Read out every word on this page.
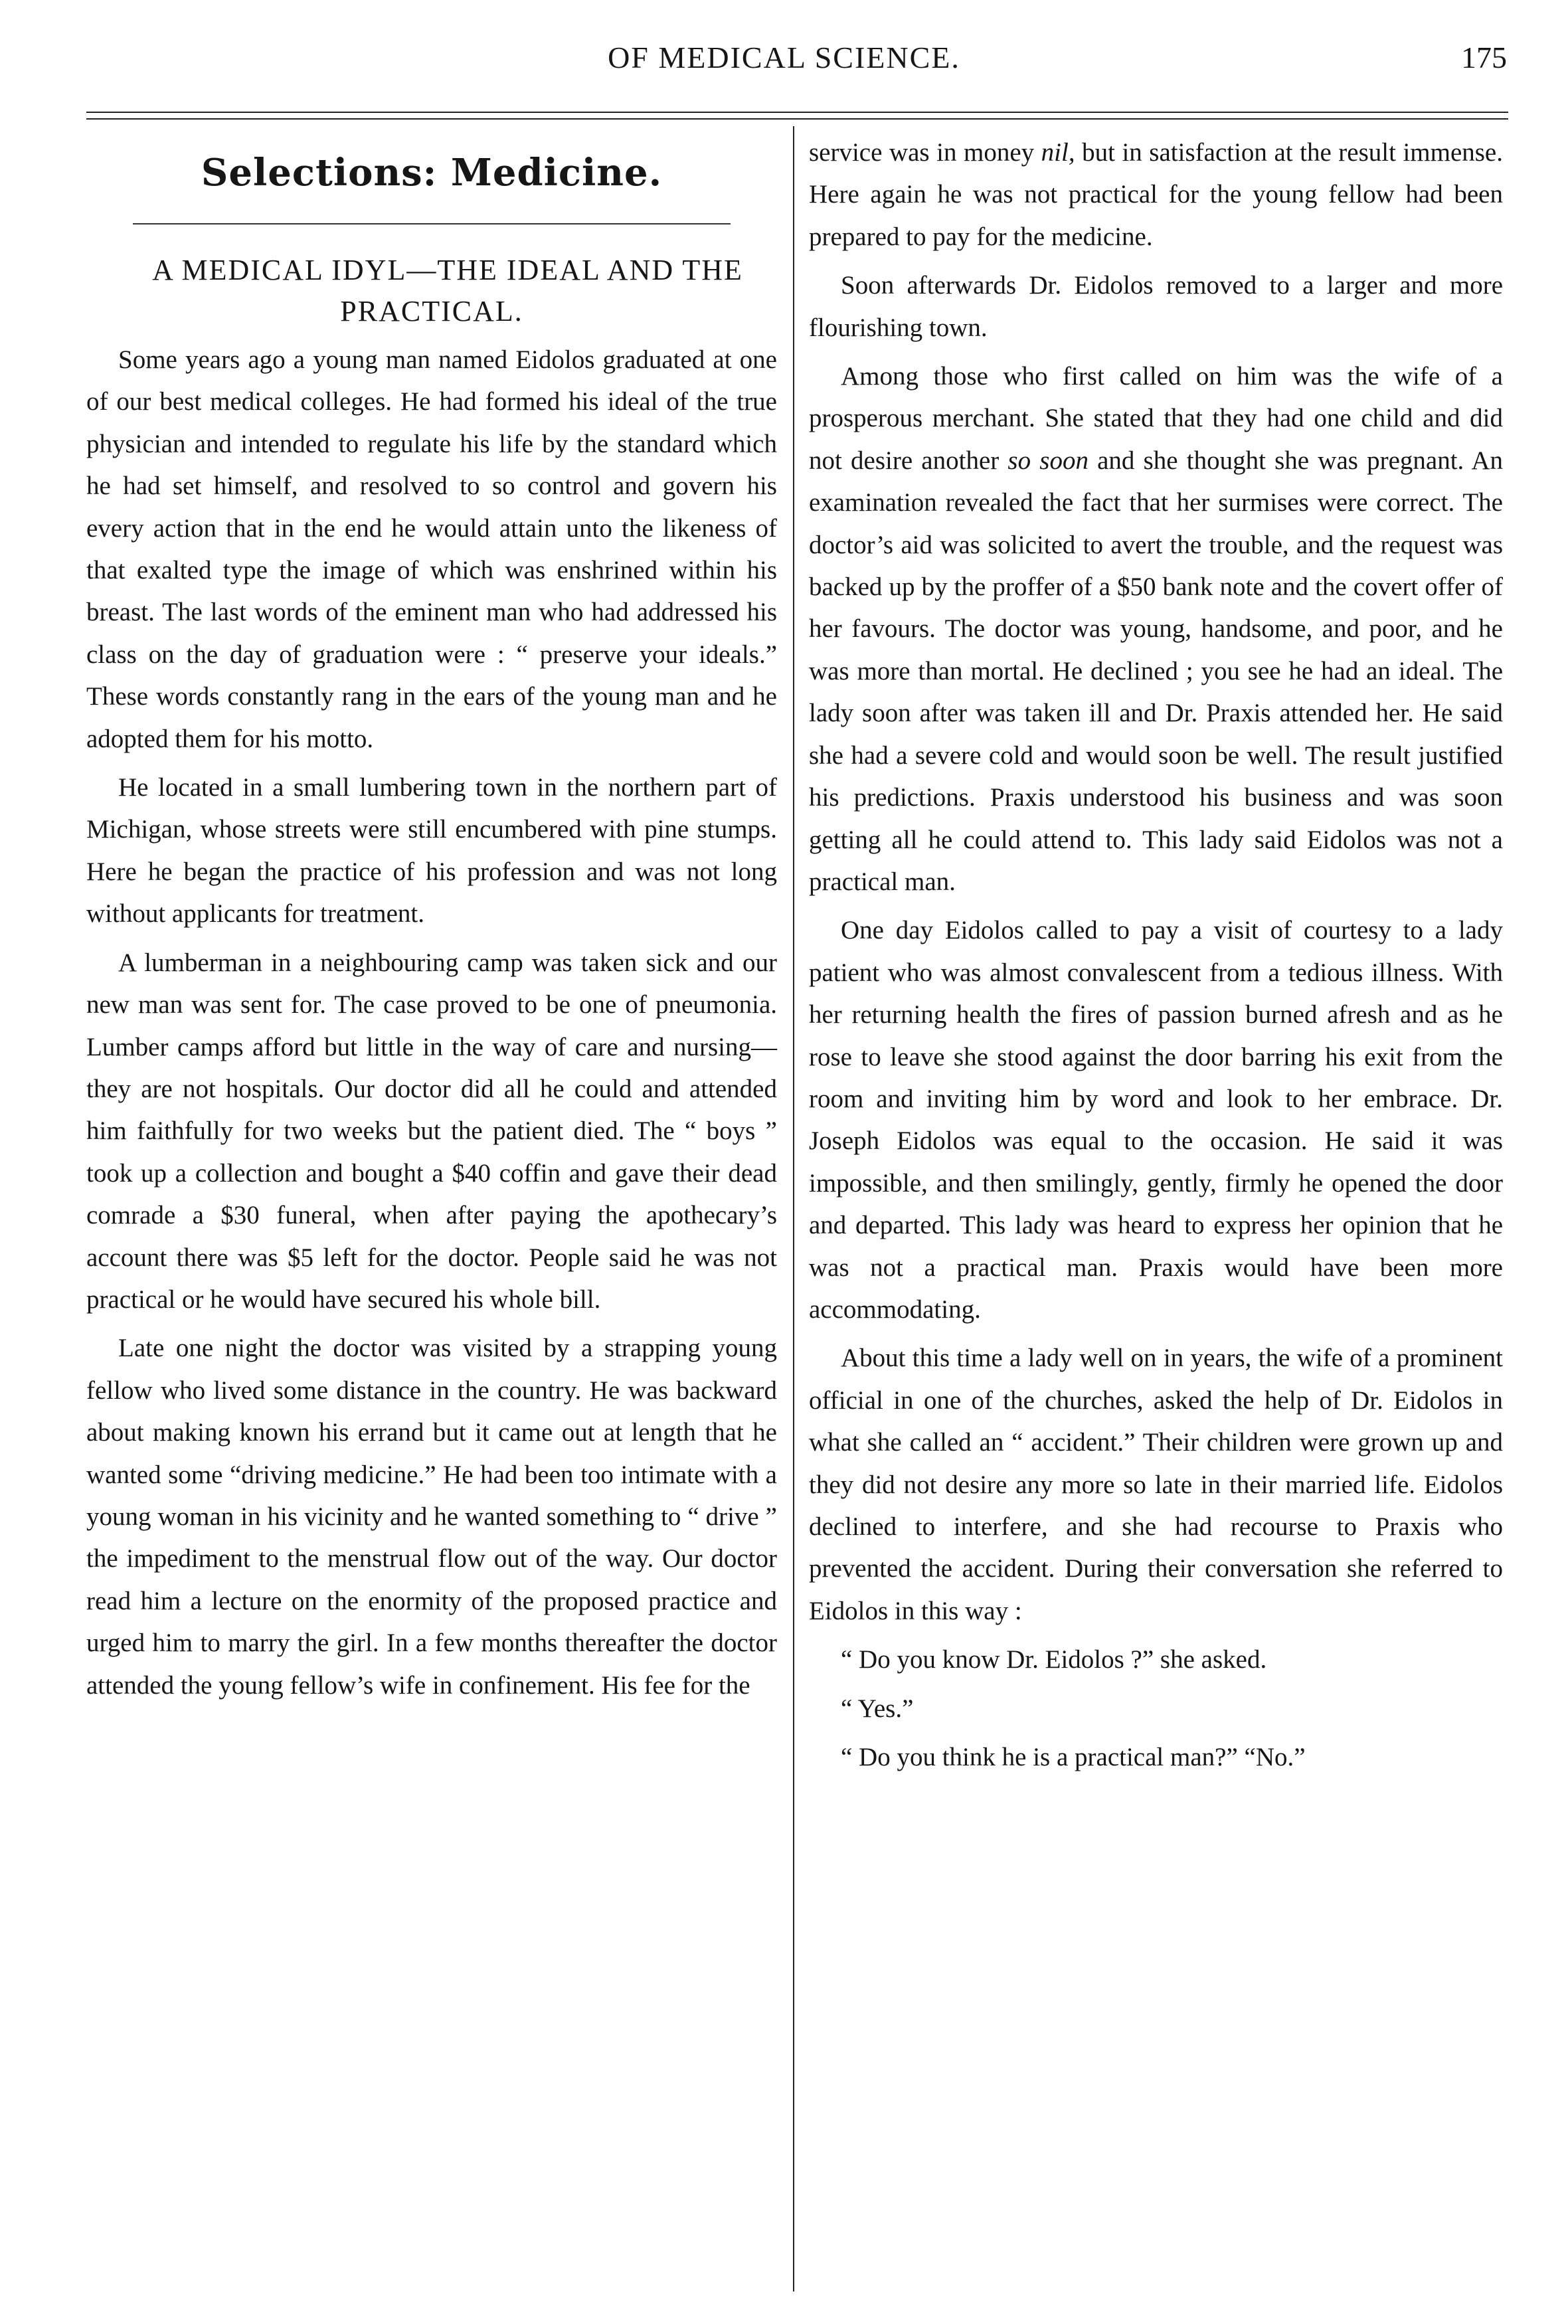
OF MEDICAL SCIENCE.	175
Selections: Medicine.

A MEDICAL IDYL—THE IDEAL AND THE PRACTICAL.

Some years ago a young man named Eidolos graduated at one of our best medical colleges. He had formed his ideal of the true physician and intended to regulate his life by the standard which he had set himself, and resolved to so control and govern his every action that in the end he would attain unto the likeness of that exalted type the image of which was enshrined within his breast. The last words of the eminent man who had addressed his class on the day of graduation were : “ preserve your ideals.” These words constantly rang in the ears of the young man and he adopted them for his motto.

He located in a small lumbering town in the northern part of Michigan, whose streets were still encumbered with pine stumps. Here he began the practice of his profession and was not long without applicants for treatment.

A lumberman in a neighbouring camp was taken sick and our new man was sent for. The case proved to be one of pneumonia. Lumber camps afford but little in the way of care and nursing—they are not hospitals. Our doctor did all he could and attended him faithfully for two weeks but the patient died. The “ boys ” took up a collection and bought a $40 coffin and gave their dead comrade a $30 funeral, when after paying the apothecary’s account there was $5 left for the doctor. People said he was not practical or he would have secured his whole bill.

Late one night the doctor was visited by a strapping young fellow who lived some distance in the country. He was backward about making known his errand but it came out at length that he wanted some “driving medicine.” He had been too intimate with a young woman in his vicinity and he wanted something to “ drive ” the impediment to the menstrual flow out of the way. Our doctor read him a lecture on the enormity of the proposed practice and urged him to marry the girl. In a few months thereafter the doctor attended the young fellow’s wife in confinement. His fee for the

service was in money nil, but in satisfaction at the result immense. Here again he was not practical for the young fellow had been prepared to pay for the medicine.

Soon afterwards Dr. Eidolos removed to a larger and more flourishing town.

Among those who first called on him was the wife of a prosperous merchant. She stated that they had one child and did not desire another so soon and she thought she was pregnant. An examination revealed the fact that her surmises were correct. The doctor’s aid was solicited to avert the trouble, and the request was backed up by the proffer of a $50 bank note and the covert offer of her favours. The doctor was young, handsome, and poor, and he was more than mortal. He declined ; you see he had an ideal. The lady soon after was taken ill and Dr. Praxis attended her. He said she had a severe cold and would soon be well. The result justified his predictions. Praxis understood his business and was soon getting all he could attend to. This lady said Eidolos was not a practical man.

One day Eidolos called to pay a visit of courtesy to a lady patient who was almost convalescent from a tedious illness. With her returning health the fires of passion burned afresh and as he rose to leave she stood against the door barring his exit from the room and inviting him by word and look to her embrace. Dr. Joseph Eidolos was equal to the occasion. He said it was impossible, and then smilingly, gently, firmly he opened the door and departed. This lady was heard to express her opinion that he was not a practical man. Praxis would have been more accommodating.

About this time a lady well on in years, the wife of a prominent official in one of the churches, asked the help of Dr. Eidolos in what she called an “ accident.” Their children were grown up and they did not desire any more so late in their married life. Eidolos declined to interfere, and she had recourse to Praxis who prevented the accident. During their conversation she referred to Eidolos in this way :

“ Do you know Dr. Eidolos ?” she asked.

“ Yes.”

“ Do you think he is a practical man?” “No.”
